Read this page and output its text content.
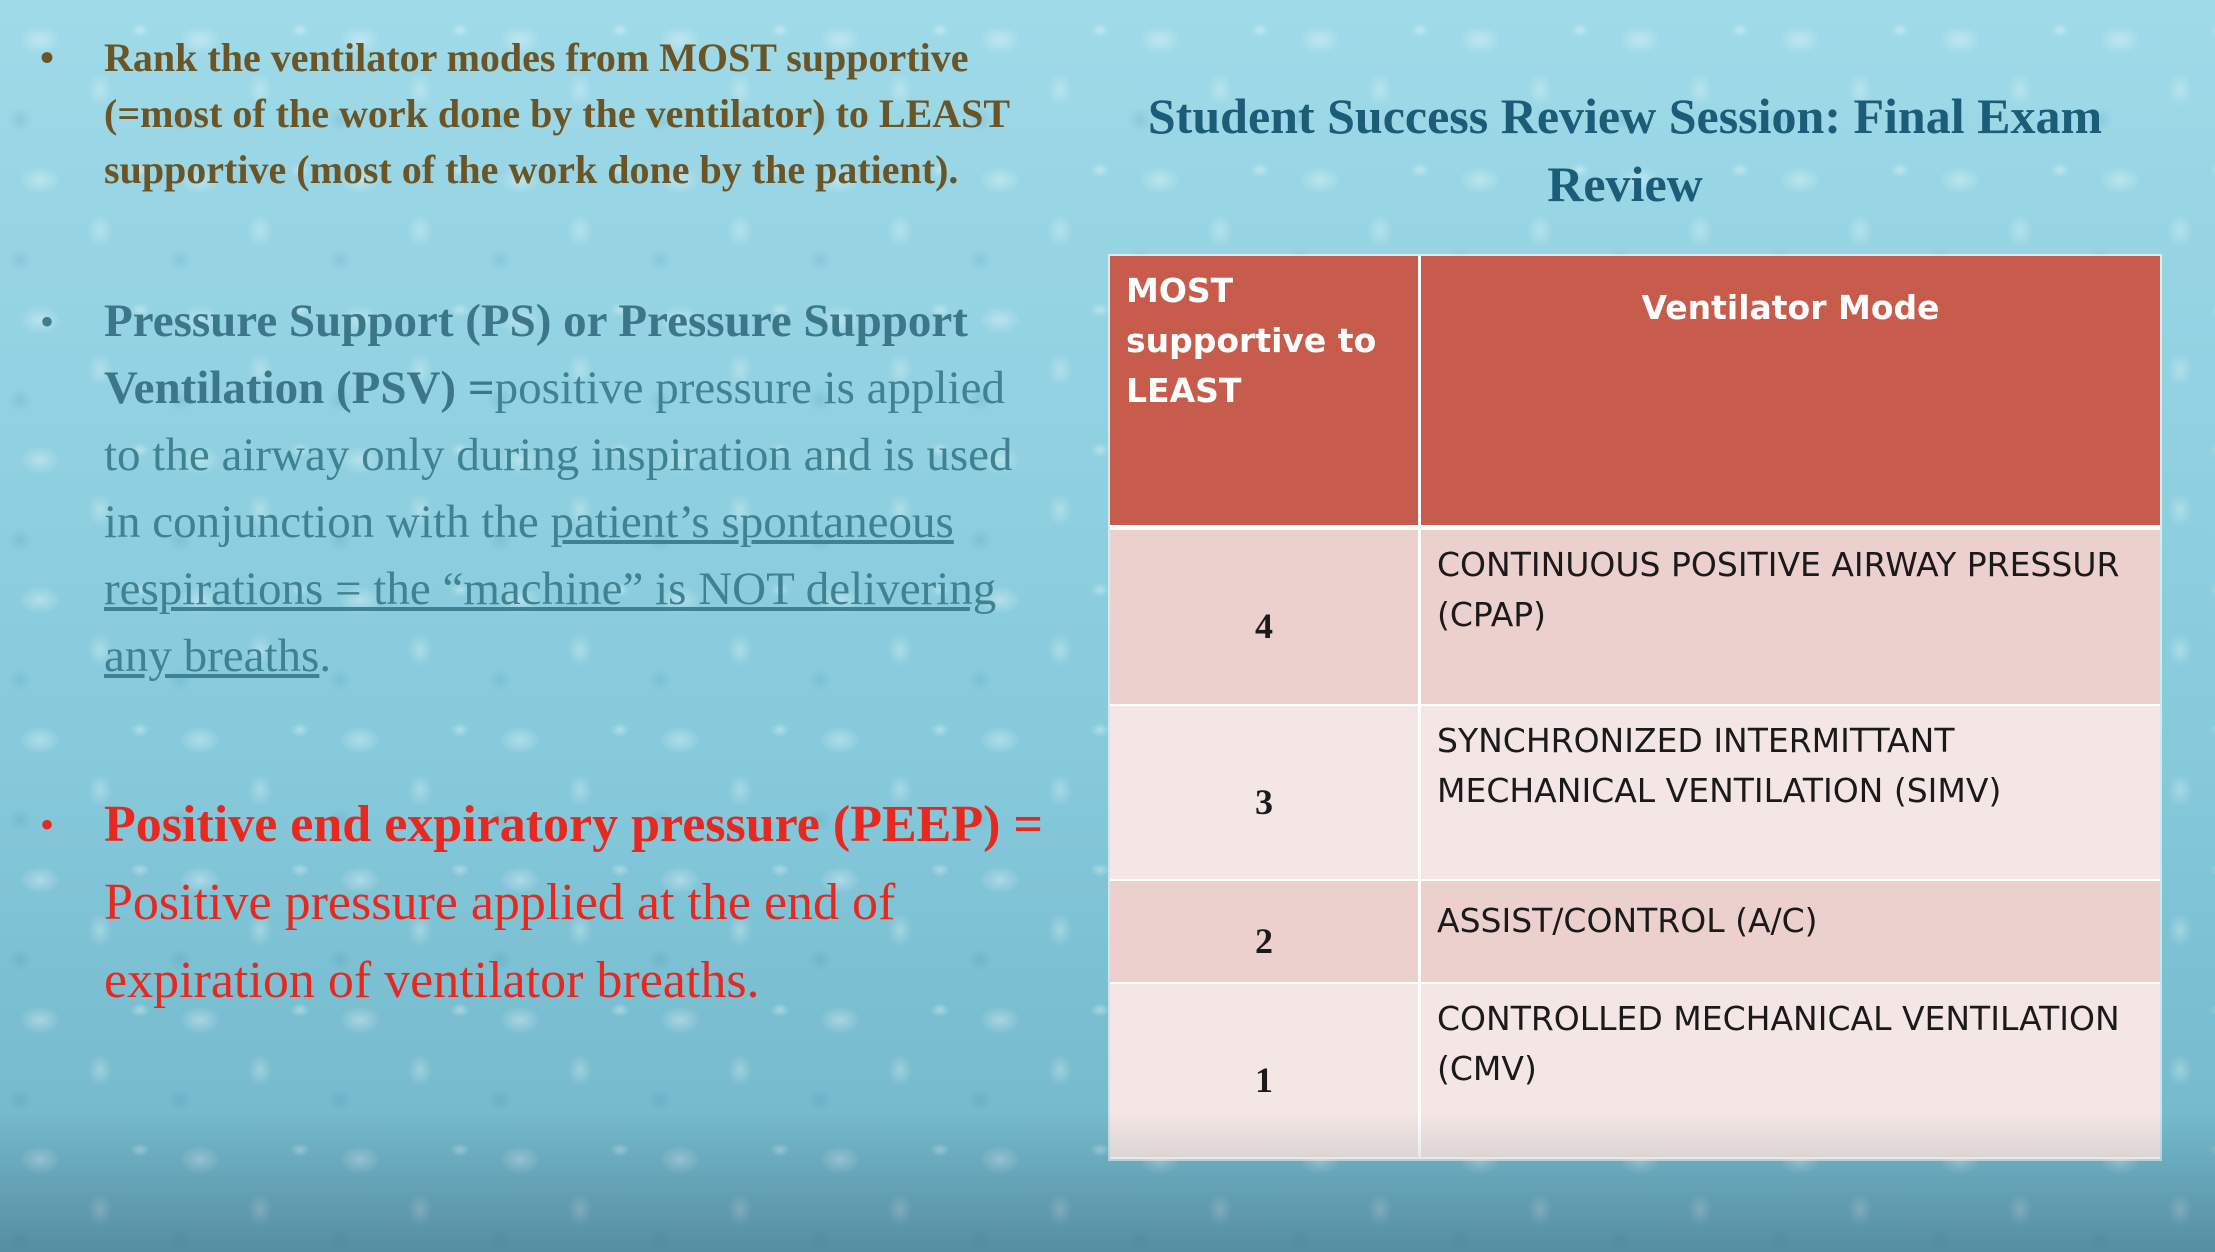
• Rank the ventilator modes from MOST supportive (=most of the work done by the ventilator) to LEAST supportive (most of the work done by the patient).
• Pressure Support (PS) or Pressure Support Ventilation (PSV) =positive pressure is applied to the airway only during inspiration and is used in conjunction with the patient’s spontaneous respirations = the “machine” is NOT delivering any breaths.
• Positive end expiratory pressure (PEEP) = Positive pressure applied at the end of expiration of ventilator breaths.
Student Success Review Session: Final Exam Review
MOST supportive to LEAST	Ventilator Mode
4	CONTINUOUS POSITIVE AIRWAY PRESSUR (CPAP)
3	SYNCHRONIZED INTERMITTANT MECHANICAL VENTILATION (SIMV)
2	ASSIST/CONTROL (A/C)
1	CONTROLLED MECHANICAL VENTILATION (CMV)
